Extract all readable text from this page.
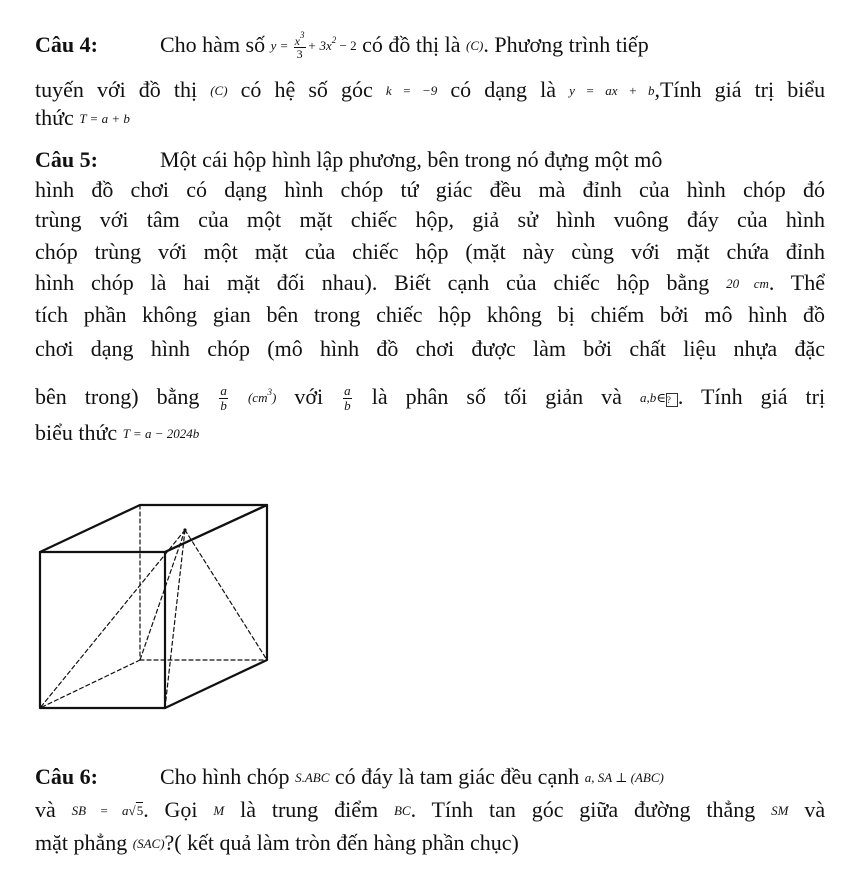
Câu 4:	Cho hàm số $y = \frac{x^3}{3} + 3x^2 - 2$ có đồ thị là (C). Phương trình tiếp
tuyến với đồ thị (C) có hệ số góc k = −9 có dạng là y = ax + b,Tính giá trị biểu
thức T = a + b
Câu 5:	Một cái hộp hình lập phương, bên trong nó đựng một mô
hình đồ chơi có dạng hình chóp tứ giác đều mà đỉnh của hình chóp đó
trùng với tâm của một mặt chiếc hộp, giả sử hình vuông đáy của hình
chóp trùng với một mặt của chiếc hộp (mặt này cùng với mặt chứa đỉnh
hình chóp là hai mặt đối nhau). Biết cạnh của chiếc hộp bằng 20 cm. Thể
tích phần không gian bên trong chiếc hộp không bị chiếm bởi mô hình đồ
chơi dạng hình chóp (mô hình đồ chơi được làm bởi chất liệu nhựa đặc
bên trong) bằng $\frac{a}{b} (cm^3)$ với $\frac{a}{b}$ là phân số tối giản và a,b∈? . Tính giá trị
biểu thức T = a − 2024b
Câu 6:	Cho hình chóp S.ABC có đáy là tam giác đều cạnh a, SA ⊥ (ABC)
và SB = a√5. Gọi M là trung điểm BC. Tính tan góc giữa đường thẳng SM và
mặt phẳng (SAC)?( kết quả làm tròn đến hàng phần chục)
